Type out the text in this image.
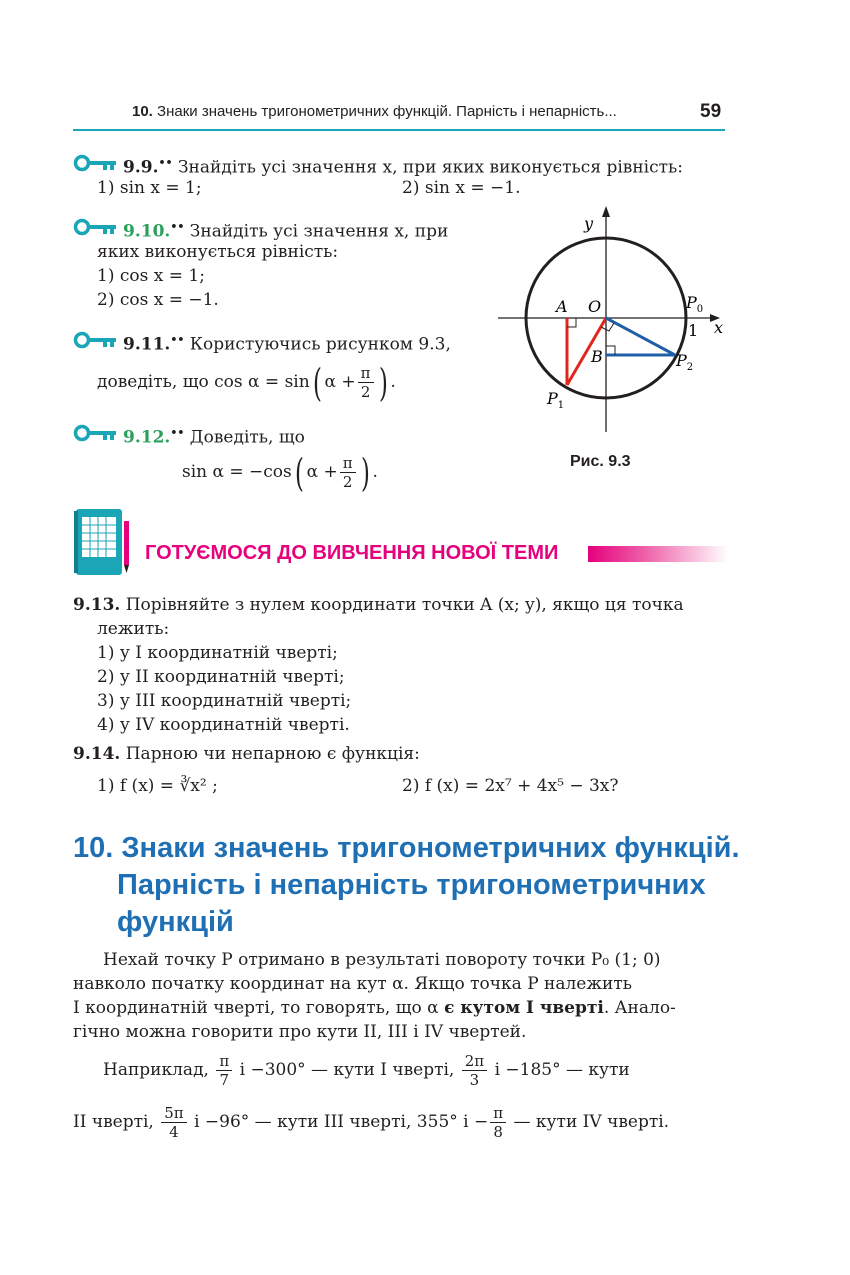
10. Знаки значень тригонометричних функцій. Парність і непарність...	59
9.9.•• Знайдіть усі значення x, при яких виконується рівність:
1) sin x = 1;	2) sin x = −1.
9.10.•• Знайдіть усі значення x, при
яких виконується рівність:
1) cos x = 1;
2) cos x = −1.
9.11.•• Користуючись рисунком 9.3,
доведіть, що cos α = sin( $\alpha + \frac{\pi}{2}$ ) .
9.12.•• Доведіть, що
sin α = −cos( $\alpha + \frac{\pi}{2}$ ) .
y
x
O
A
B
1
$P_0$
$P_1$
$P_2$
Рис. 9.3
ГОТУЄМОСЯ ДО ВИВЧЕННЯ НОВОЇ ТЕМИ
9.13. Порівняйте з нулем координати точки A (x; y), якщо ця точка
лежить:
1) у I координатній чверті;
2) у II координатній чверті;
3) у III координатній чверті;
4) у IV координатній чверті.
9.14. Парною чи непарною є функція:
1) f (x) = ∛x² ;	2) f (x) = 2x⁷ + 4x⁵ − 3x?
10. Знаки значень тригонометричних функцій.
Парність і непарність тригонометричних
функцій
Нехай точку P отримано в результаті повороту точки P₀ (1; 0)
навколо початку координат на кут α. Якщо точка P належить
I координатній чверті, то говорять, що α є кутом I чверті. Анало-
гічно можна говорити про кути II, III і IV чвертей.
Наприклад, $\frac{\pi}{7}$ і −300° — кути I чверті, $\frac{2\pi}{3}$ і −185° — кути
II чверті, $\frac{5\pi}{4}$ і −96° — кути III чверті, 355° $і - \frac{\pi}{8}$ — кути IV чверті.
